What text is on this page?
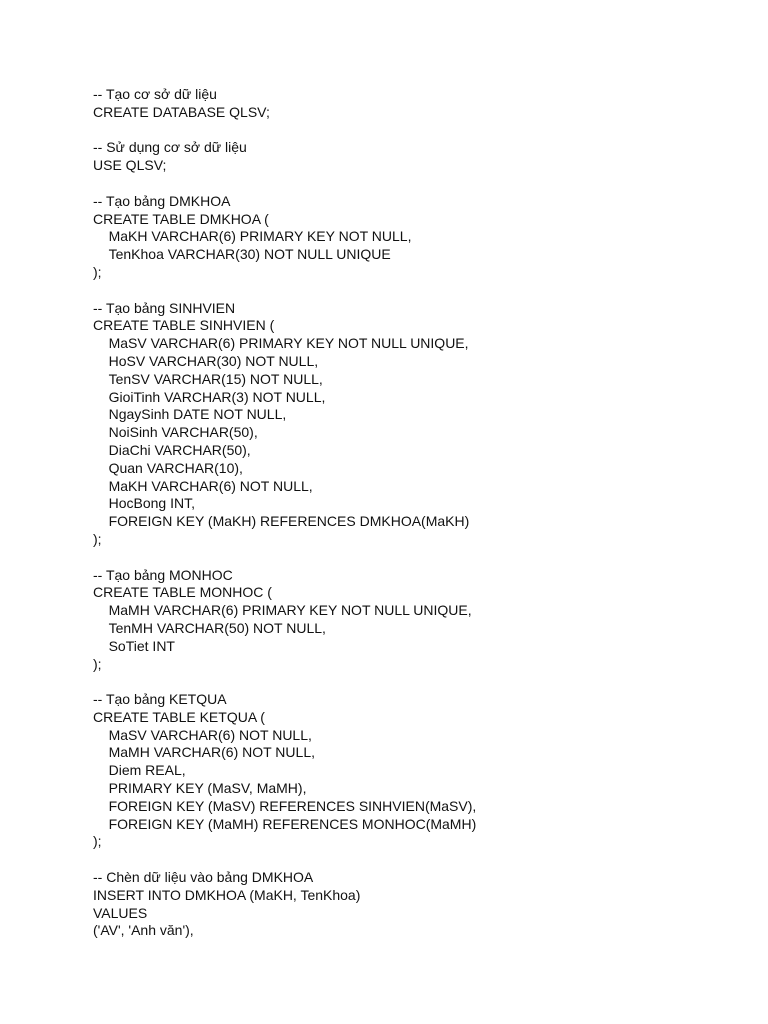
-- Tạo cơ sở dữ liệu
CREATE DATABASE QLSV;
-- Sử dụng cơ sở dữ liệu
USE QLSV;
-- Tạo bảng DMKHOA
CREATE TABLE DMKHOA (
MaKH VARCHAR(6) PRIMARY KEY NOT NULL,
TenKhoa VARCHAR(30) NOT NULL UNIQUE
);
-- Tạo bảng SINHVIEN
CREATE TABLE SINHVIEN (
MaSV VARCHAR(6) PRIMARY KEY NOT NULL UNIQUE,
HoSV VARCHAR(30) NOT NULL,
TenSV VARCHAR(15) NOT NULL,
GioiTinh VARCHAR(3) NOT NULL,
NgaySinh DATE NOT NULL,
NoiSinh VARCHAR(50),
DiaChi VARCHAR(50),
Quan VARCHAR(10),
MaKH VARCHAR(6) NOT NULL,
HocBong INT,
FOREIGN KEY (MaKH) REFERENCES DMKHOA(MaKH)
);
-- Tạo bảng MONHOC
CREATE TABLE MONHOC (
MaMH VARCHAR(6) PRIMARY KEY NOT NULL UNIQUE,
TenMH VARCHAR(50) NOT NULL,
SoTiet INT
);
-- Tạo bảng KETQUA
CREATE TABLE KETQUA (
MaSV VARCHAR(6) NOT NULL,
MaMH VARCHAR(6) NOT NULL,
Diem REAL,
PRIMARY KEY (MaSV, MaMH),
FOREIGN KEY (MaSV) REFERENCES SINHVIEN(MaSV),
FOREIGN KEY (MaMH) REFERENCES MONHOC(MaMH)
);
-- Chèn dữ liệu vào bảng DMKHOA
INSERT INTO DMKHOA (MaKH, TenKhoa)
VALUES
('AV', 'Anh văn'),
